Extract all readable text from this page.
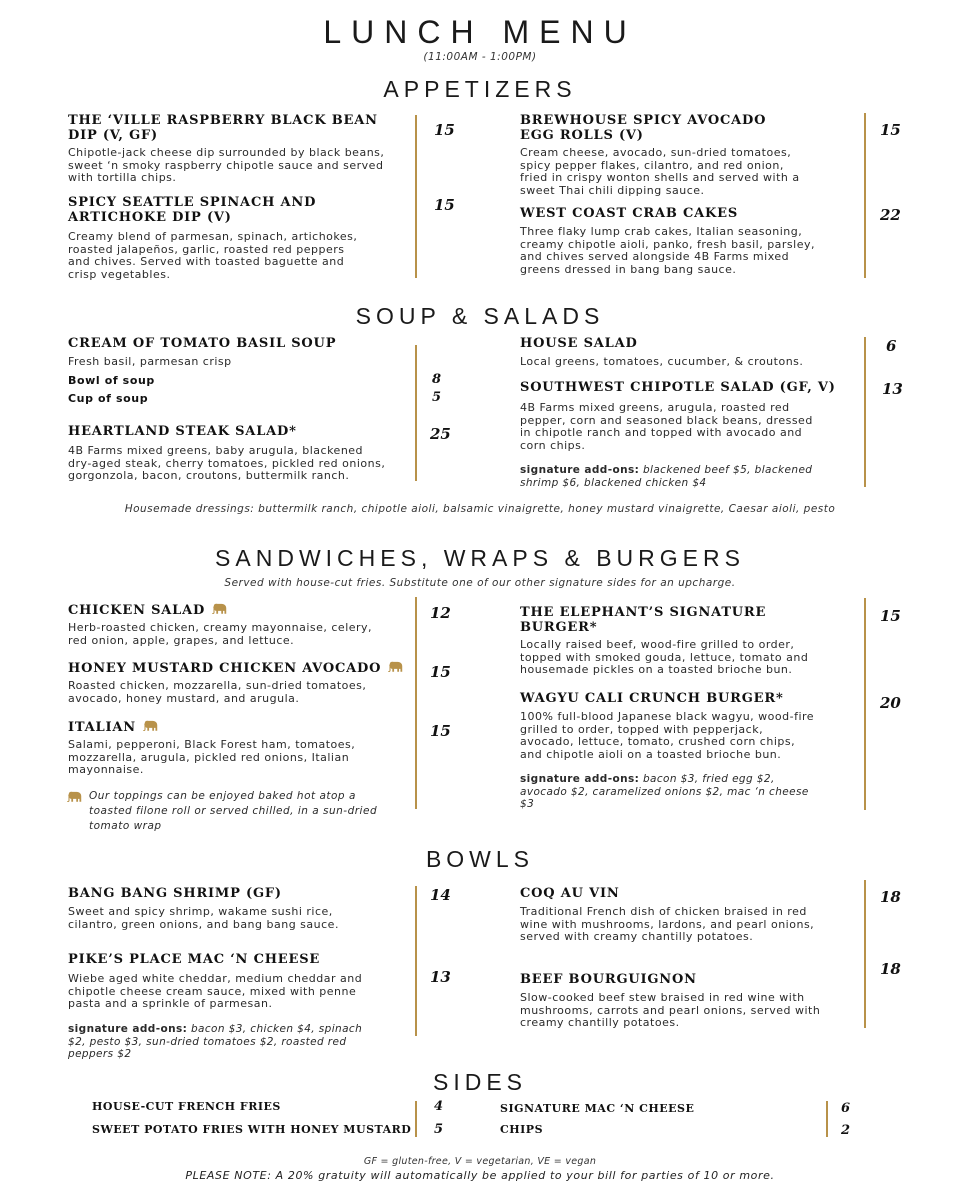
LUNCH MENU
(11:00AM - 1:00PM)
APPETIZERS
THE ‘VILLE RASPBERRY BLACK BEAN
DIP (V, GF)
Chipotle-jack cheese dip surrounded by black beans,
sweet ‘n smoky raspberry chipotle sauce and served
with tortilla chips.
15
SPICY SEATTLE SPINACH AND
ARTICHOKE DIP (V)
Creamy blend of parmesan, spinach, artichokes,
roasted jalapeños, garlic, roasted red peppers
and chives. Served with toasted baguette and
crisp vegetables.
15
BREWHOUSE SPICY AVOCADO
EGG ROLLS (V)
Cream cheese, avocado, sun-dried tomatoes,
spicy pepper flakes, cilantro, and red onion,
fried in crispy wonton shells and served with a
sweet Thai chili dipping sauce.
15
WEST COAST CRAB CAKES
Three flaky lump crab cakes, Italian seasoning,
creamy chipotle aioli, panko, fresh basil, parsley,
and chives served alongside 4B Farms mixed
greens dressed in bang bang sauce.
22
SOUP & SALADS
CREAM OF TOMATO BASIL SOUP
Fresh basil, parmesan crisp
Bowl of soup	8
Cup of soup	5
HEARTLAND STEAK SALAD*
4B Farms mixed greens, baby arugula, blackened
dry-aged steak, cherry tomatoes, pickled red onions,
gorgonzola, bacon, croutons, buttermilk ranch.
25
HOUSE SALAD
Local greens, tomatoes, cucumber, & croutons.
6
SOUTHWEST CHIPOTLE SALAD (GF, V)
4B Farms mixed greens, arugula, roasted red
pepper, corn and seasoned black beans, dressed
in chipotle ranch and topped with avocado and
corn chips.
13
signature add-ons: blackened beef $5, blackened
shrimp $6, blackened chicken $4
Housemade dressings: buttermilk ranch, chipotle aioli, balsamic vinaigrette, honey mustard vinaigrette, Caesar aioli, pesto
SANDWICHES, WRAPS & BURGERS
Served with house-cut fries. Substitute one of our other signature sides for an upcharge.
CHICKEN SALAD
Herb-roasted chicken, creamy mayonnaise, celery,
red onion, apple, grapes, and lettuce.
12
HONEY MUSTARD CHICKEN AVOCADO
Roasted chicken, mozzarella, sun-dried tomatoes,
avocado, honey mustard, and arugula.
15
ITALIAN
Salami, pepperoni, Black Forest ham, tomatoes,
mozzarella, arugula, pickled red onions, Italian
mayonnaise.
15
Our toppings can be enjoyed baked hot atop a
toasted filone roll or served chilled, in a sun-dried
tomato wrap
THE ELEPHANT’S SIGNATURE BURGER*
Locally raised beef, wood-fire grilled to order,
topped with smoked gouda, lettuce, tomato and
housemade pickles on a toasted brioche bun.
15
WAGYU CALI CRUNCH BURGER*
100% full-blood Japanese black wagyu, wood-fire
grilled to order, topped with pepperjack,
avocado, lettuce, tomato, crushed corn chips,
and chipotle aioli on a toasted brioche bun.
20
signature add-ons: bacon $3, fried egg $2,
avocado $2, caramelized onions $2, mac ‘n cheese
$3
BOWLS
BANG BANG SHRIMP (GF)
Sweet and spicy shrimp, wakame sushi rice,
cilantro, green onions, and bang bang sauce.
14
PIKE’S PLACE MAC ‘N CHEESE
Wiebe aged white cheddar, medium cheddar and
chipotle cheese cream sauce, mixed with penne
pasta and a sprinkle of parmesan.
13
signature add-ons: bacon $3, chicken $4, spinach
$2, pesto $3, sun-dried tomatoes $2, roasted red
peppers $2
COQ AU VIN
Traditional French dish of chicken braised in red
wine with mushrooms, lardons, and pearl onions,
served with creamy chantilly potatoes.
18
BEEF BOURGUIGNON
Slow-cooked beef stew braised in red wine with
mushrooms, carrots and pearl onions, served with
creamy chantilly potatoes.
18
SIDES
HOUSE-CUT FRENCH FRIES	4
SWEET POTATO FRIES WITH HONEY MUSTARD 5
SIGNATURE MAC ‘N CHEESE	6
CHIPS	2
GF = gluten-free, V = vegetarian, VE = vegan
PLEASE NOTE: A 20% gratuity will automatically be applied to your bill for parties of 10 or more.
